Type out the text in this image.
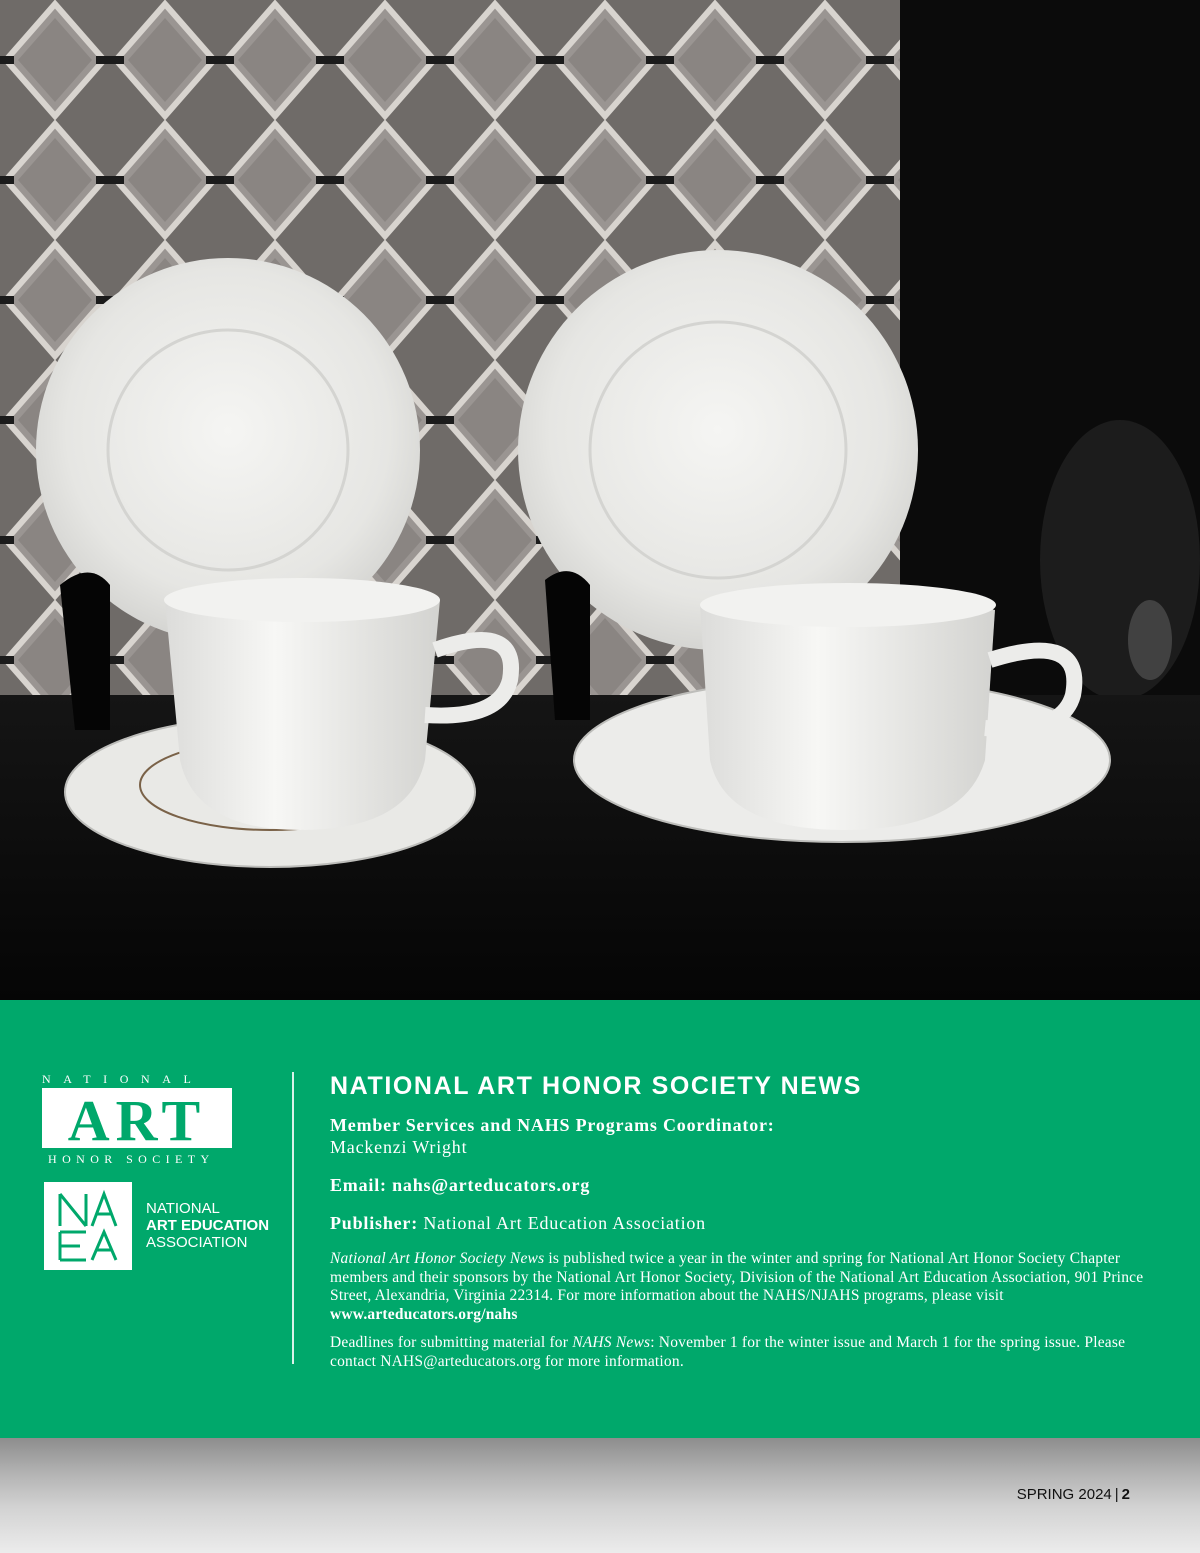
NATIONAL
ART
HONOR SOCIETY
NATIONAL
ART EDUCATION
ASSOCIATION
NATIONAL ART HONOR SOCIETY NEWS
Member Services and NAHS Programs Coordinator:
Mackenzi Wright
Email: nahs@arteducators.org
Publisher: National Art Education Association
National Art Honor Society News is published twice a year in the winter and spring for National Art Honor Society Chapter members and their sponsors by the National Art Honor Society, Division of the National Art Education Association, 901 Prince Street, Alexandria, Virginia 22314. For more information about the NAHS/NJAHS programs, please visit www.arteducators.org/nahs
Deadlines for submitting material for NAHS News: November 1 for the winter issue and March 1 for the spring issue. Please contact NAHS@arteducators.org for more information.
SPRING 2024 | 2
